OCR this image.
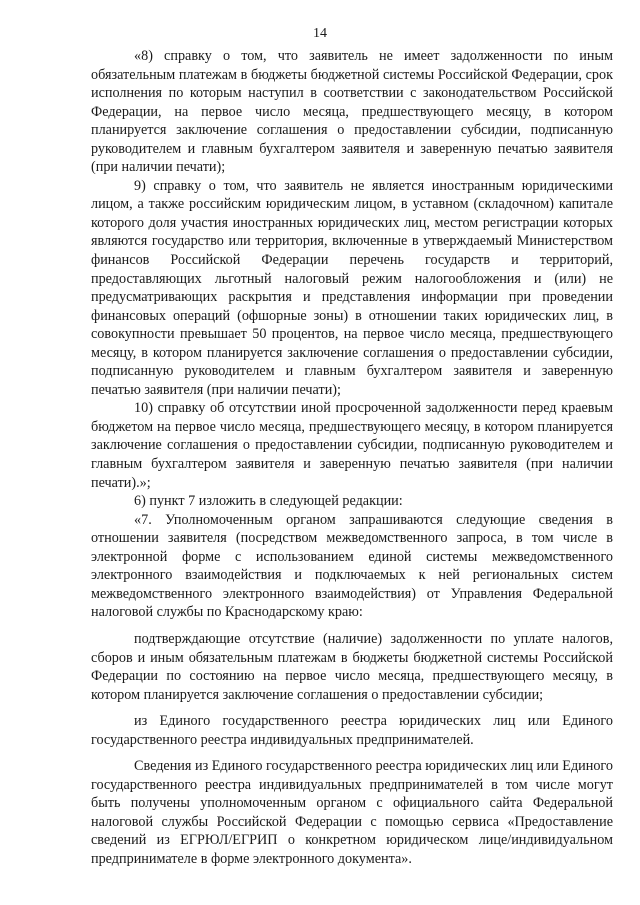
14

«8) справку о том, что заявитель не имеет задолженности по иным обязательным платежам в бюджеты бюджетной системы Российской Федерации, срок исполнения по которым наступил в соответствии с законодательством Российской Федерации, на первое число месяца, предшествующего месяцу, в котором планируется заключение соглашения о предоставлении субсидии, подписанную руководителем и главным бухгалтером заявителя и заверенную печатью заявителя (при наличии печати);

9) справку о том, что заявитель не является иностранным юридическими лицом, а также российским юридическим лицом, в уставном (складочном) капитале которого доля участия иностранных юридических лиц, местом регистрации которых являются государство или территория, включенные в утверждаемый Министерством финансов Российской Федерации перечень государств и территорий, предоставляющих льготный налоговый режим налогообложения и (или) не предусматривающих раскрытия и представления информации при проведении финансовых операций (офшорные зоны) в отношении таких юридических лиц, в совокупности превышает 50 процентов, на первое число месяца, предшествующего месяцу, в котором планируется заключение соглашения о предоставлении субсидии, подписанную руководителем и главным бухгалтером заявителя и заверенную печатью заявителя (при наличии печати);

10) справку об отсутствии иной просроченной задолженности перед краевым бюджетом на первое число месяца, предшествующего месяцу, в котором планируется заключение соглашения о предоставлении субсидии, подписанную руководителем и главным бухгалтером заявителя и заверенную печатью заявителя (при наличии печати).»;

6) пункт 7 изложить в следующей редакции:

«7. Уполномоченным органом запрашиваются следующие сведения в отношении заявителя (посредством межведомственного запроса, в том числе в электронной форме с использованием единой системы межведомственного электронного взаимодействия и подключаемых к ней региональных систем межведомственного электронного взаимодействия) от Управления Федеральной налоговой службы по Краснодарскому краю:

подтверждающие отсутствие (наличие) задолженности по уплате налогов, сборов и иным обязательным платежам в бюджеты бюджетной системы Российской Федерации по состоянию на первое число месяца, предшествующего месяцу, в котором планируется заключение соглашения о предоставлении субсидии;

из Единого государственного реестра юридических лиц или Единого государственного реестра индивидуальных предпринимателей.

Сведения из Единого государственного реестра юридических лиц или Единого государственного реестра индивидуальных предпринимателей в том числе могут быть получены уполномоченным органом с официального сайта Федеральной налоговой службы Российской Федерации с помощью сервиса «Предоставление сведений из ЕГРЮЛ/ЕГРИП о конкретном юридическом лице/индивидуальном предпринимателе в форме электронного документа».
